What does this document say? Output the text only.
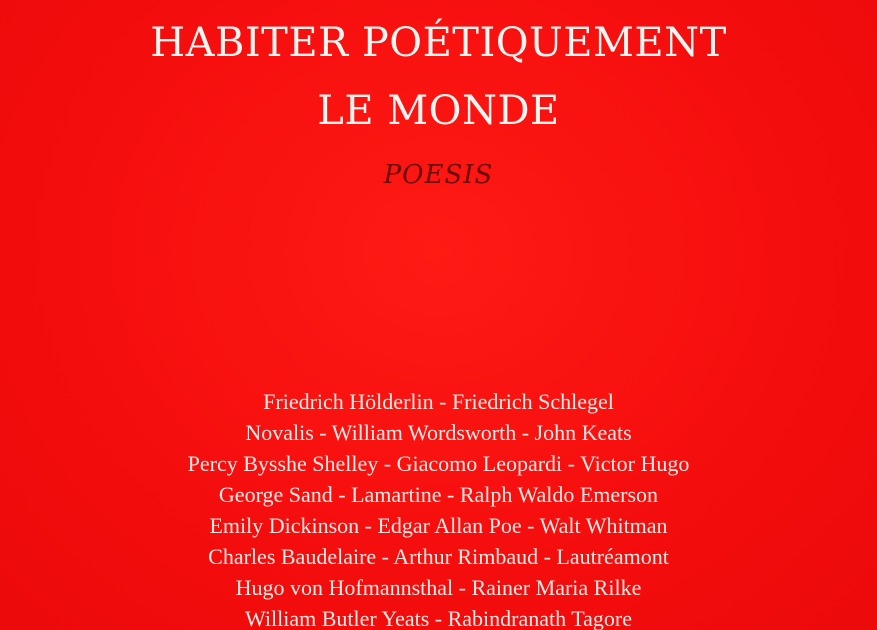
HABITER POÉTIQUEMENT
LE MONDE
POESIS
Friedrich Hölderlin - Friedrich Schlegel
Novalis - William Wordsworth - John Keats
Percy Bysshe Shelley - Giacomo Leopardi - Victor Hugo
George Sand - Lamartine - Ralph Waldo Emerson
Emily Dickinson - Edgar Allan Poe - Walt Whitman
Charles Baudelaire - Arthur Rimbaud - Lautréamont
Hugo von Hofmannsthal - Rainer Maria Rilke
William Butler Yeats - Rabindranath Tagore
